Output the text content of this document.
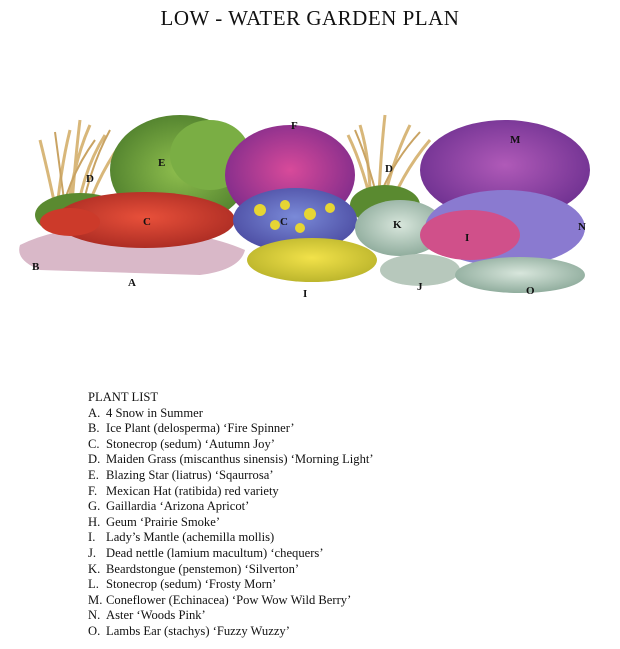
LOW - WATER GARDEN PLAN
A
B
C
D
E
F
C
D
M
K
I
N
I
J	O
PLANT LIST
A. 4 Snow in Summer
B. Ice Plant (delosperma) ‘Fire Spinner’
C. Stonecrop (sedum) ‘Autumn Joy’
D. Maiden Grass (miscanthus sinensis) ‘Morning Light’
E. Blazing Star (liatrus) ‘Sqaurrosa’
F. Mexican Hat (ratibida) red variety
G. Gaillardia ‘Arizona Apricot’
H. Geum ‘Prairie Smoke’
I. Lady’s Mantle (achemilla mollis)
J. Dead nettle (lamium macultum) ‘chequers’
K. Beardstongue (penstemon) ‘Silverton’
L. Stonecrop (sedum) ‘Frosty Morn’
M. Coneflower (Echinacea) ‘Pow Wow Wild Berry’
N. Aster ‘Woods Pink’
O. Lambs Ear (stachys) ‘Fuzzy Wuzzy’
